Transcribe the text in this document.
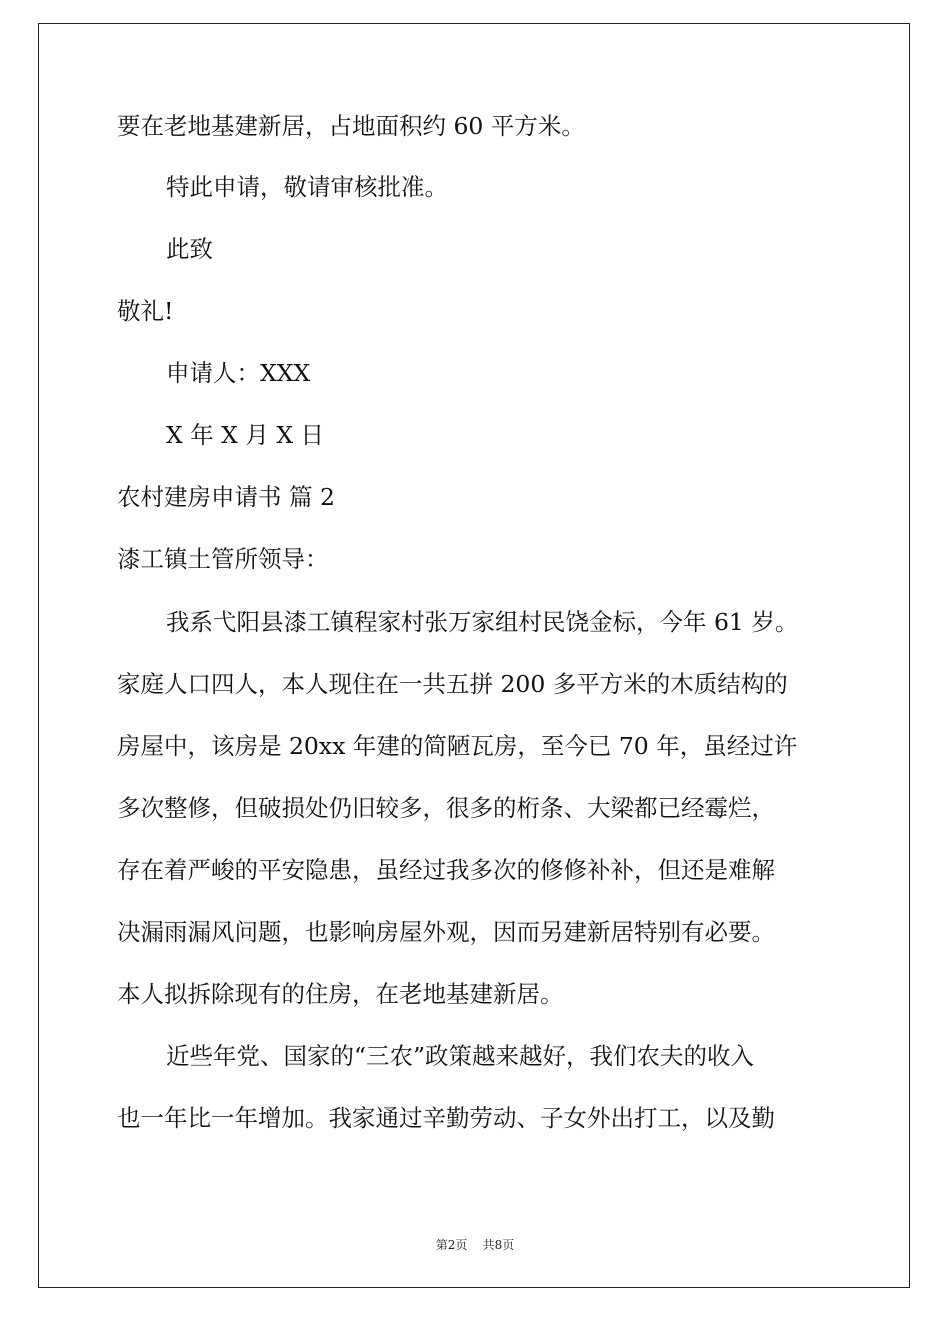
要在老地基建新居，占地面积约 60 平方米。
特此申请，敬请审核批准。
此致
敬礼!
申请人：XXX
X 年 X 月 X 日
农村建房申请书 篇 2
漆工镇土管所领导：
我系弋阳县漆工镇程家村张万家组村民饶金标，今年 61 岁。
家庭人口四人，本人现住在一共五拼 200 多平方米的木质结构的
房屋中，该房是 20xx 年建的简陋瓦房，至今已 70 年，虽经过许
多次整修，但破损处仍旧较多，很多的桁条、大梁都已经霉烂，
存在着严峻的平安隐患，虽经过我多次的修修补补，但还是难解
决漏雨漏风问题，也影响房屋外观，因而另建新居特别有必要。
本人拟拆除现有的住房，在老地基建新居。
近些年党、国家的“三农”政策越来越好，我们农夫的收入
也一年比一年增加。我家通过辛勤劳动、子女外出打工，以及勤
第2页    共8页
